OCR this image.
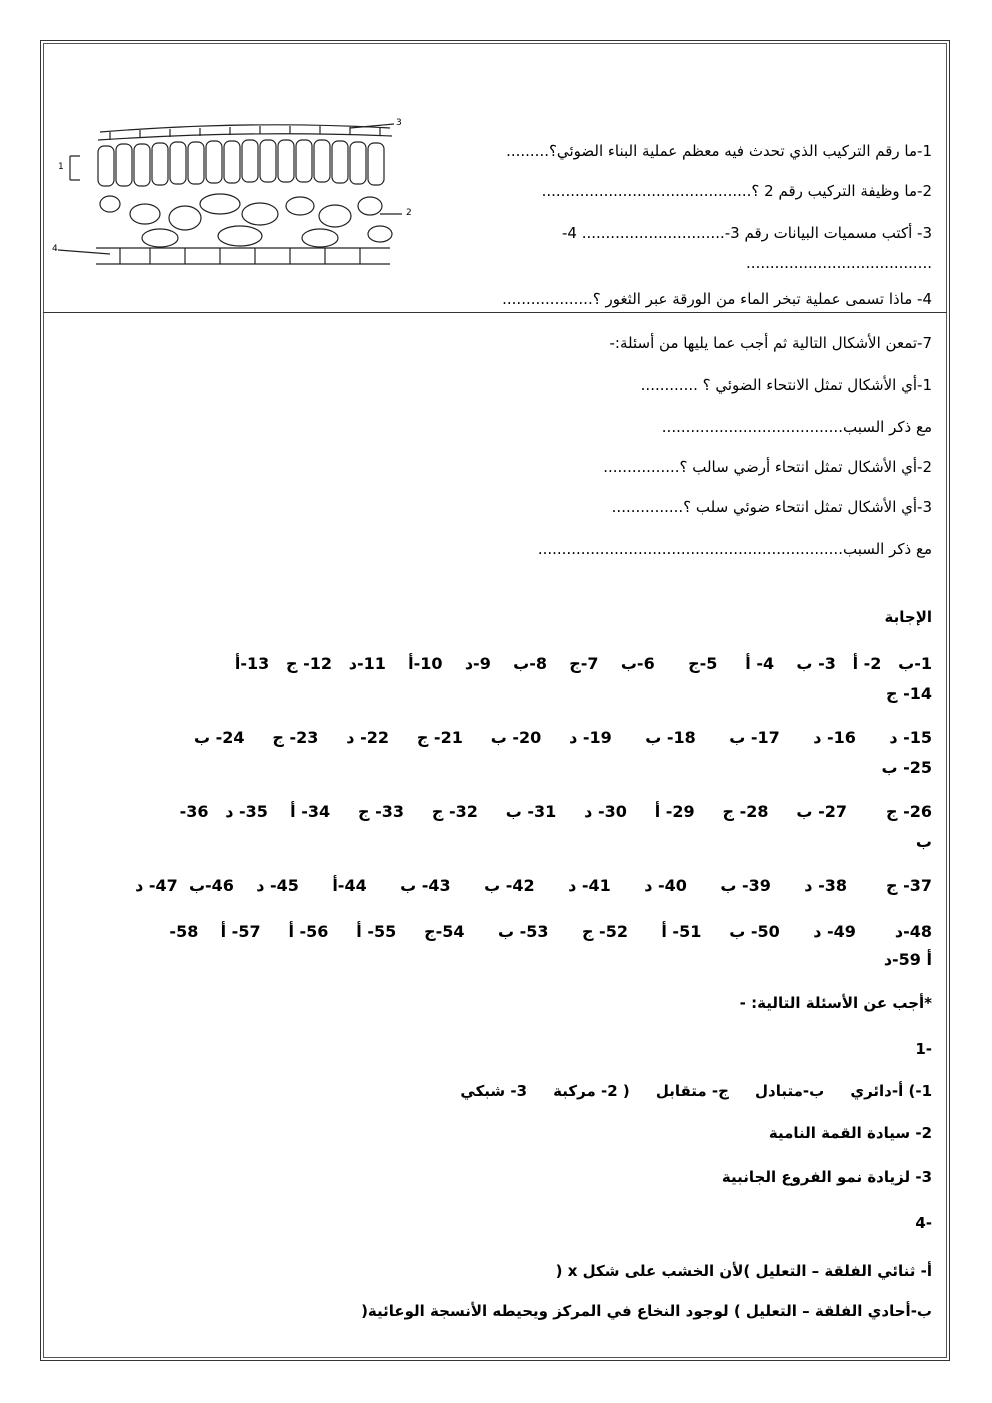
3
1
2
4
1-ما رقم التركيب الذي تحدث فيه معظم عملية البناء الضوئي؟.........
2-ما وظيفة التركيب رقم 2 ؟............................................
3- أكتب مسميات البيانات رقم 3-.............................. 4-
.......................................
4- ماذا تسمى عملية تبخر الماء من الورقة عبر الثغور ؟...................
7-تمعن الأشكال التالية ثم أجب عما يليها من أسئلة:-
1-أي الأشكال تمثل الانتحاء الضوئي ؟ ............
مع ذكر السبب......................................
2-أي الأشكال تمثل انتحاء أرضي سالب ؟................
3-أي الأشكال تمثل انتحاء ضوئي سلب ؟...............
مع ذكر السبب................................................................
الإجابة
1-ب   2- أ   3- ب    4- أ     5-ج      6-ب    7-ج    8-ب    9-د    10-أ    11-د   12- ج   13-أ
14- ج
15- د      16- د      17- ب      18- ب      19- د     20- ب     21- ج     22- د     23- ج     24- ب
25- ب
26- ج       27- ب     28- ج     29- أ     30- د     31- ب     32- ج     33- ج     34- أ    35- د   36-
ب
37- ج       38- د      39- ب      40- د      41- د      42- ب      43- ب      44-أ      45- د    46-ب  47- د
48-د       49- د      50- ب     51- أ      52- ج      53- ب      54-ج     55- أ     56- أ     57- أ    58-
أ 59-د
*أجب عن الأسئلة التالية: -
-1
1-) أ-دائري     ب-متبادل     ج- متقابل     ( 2- مركبة     3- شبكي
2- سيادة القمة النامية
3- لزيادة نمو الفروع الجانبية
-4
أ- ثنائي الفلقة – التعليل )لأن الخشب على شكل x (
ب-أحادي الفلقة – التعليل ) لوجود النخاع في المركز ويحيطه الأنسجة الوعائية(
